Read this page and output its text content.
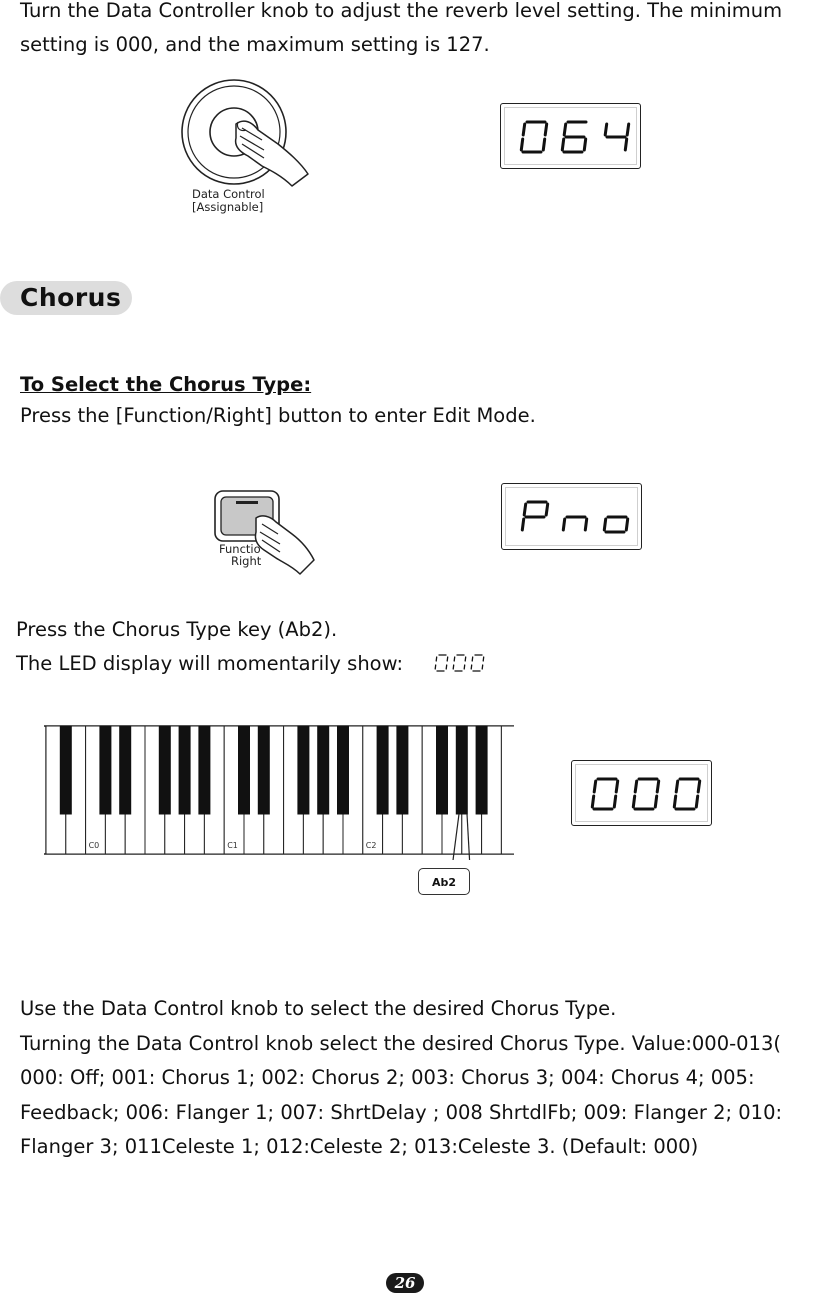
Turn the Data Controller knob to adjust the reverb level setting. The minimum
setting is 000, and the maximum setting is 127.
Data Control
[Assignable]
Chorus
To Select the Chorus Type:
Press the [Function/Right] button to enter Edit Mode.
Functio
Right
Press the Chorus Type key (Ab2).
The LED display will momentarily show:
C0	C1	C2
Ab2
Use the Data Control knob to select the desired Chorus Type.
Turning the Data Control knob select the desired Chorus Type. Value:000-013(
000: Off; 001: Chorus 1; 002: Chorus 2; 003: Chorus 3; 004: Chorus 4; 005:
Feedback; 006: Flanger 1; 007: ShrtDelay ; 008 ShrtdlFb; 009: Flanger 2; 010:
Flanger 3; 011Celeste 1; 012:Celeste 2; 013:Celeste 3. (Default: 000)
26
